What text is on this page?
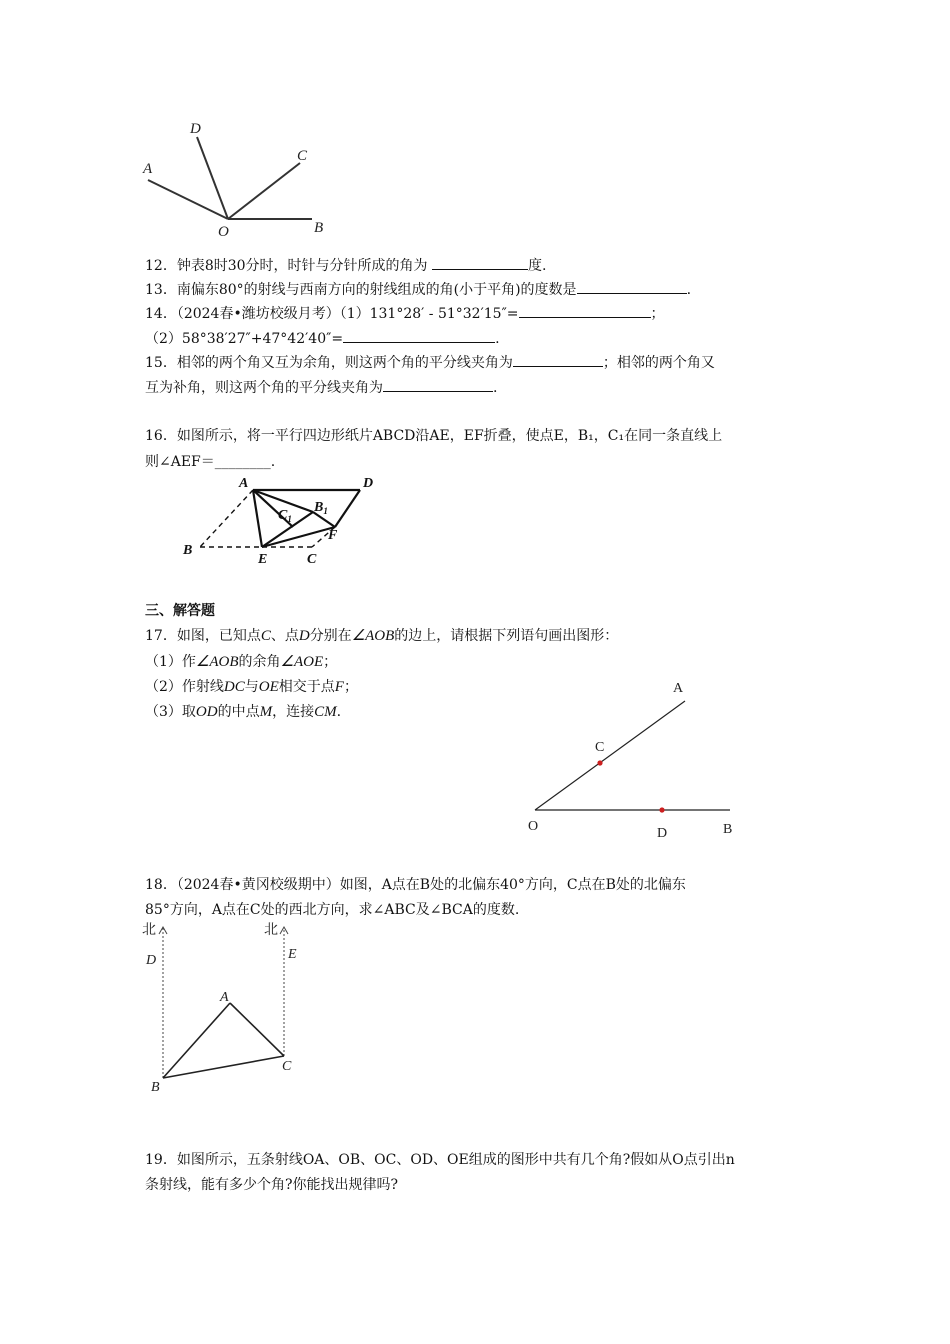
A
D
C
B
O
12．钟表8时30分时，时针与分针所成的角为	度.
13．南偏东80°的射线与西南方向的射线组成的角(小于平角)的度数是	.
14．（2024春•潍坊校级月考）（1）131°28′ - 51°32′15″=	；
（2）58°38′27″+47°42′40″=	.
15．相邻的两个角又互为余角，则这两个角的平分线夹角为	；相邻的两个角又
互为补角，则这两个角的平分线夹角为	.
16．如图所示，将一平行四边形纸片ABCD沿AE，EF折叠，使点E，B₁，C₁在同一条直线上
则∠AEF＝________.
A	D
B
E	C
F
$C_1$
$B_1$
三、解答题
17．如图，已知点C、点D分别在∠AOB的边上，请根据下列语句画出图形：
（1）作∠AOB的余角∠AOE；
（2）作射线DC与OE相交于点F；
（3）取OD的中点M，连接CM.
A
C
O	D	B
18．（2024春•黄冈校级期中）如图，A点在B处的北偏东40°方向，C点在B处的北偏东
85°方向，A点在C处的西北方向，求∠ABC及∠BCA的度数.
北	北
D	E
A
B
C
19．如图所示，五条射线OA、OB、OC、OD、OE组成的图形中共有几个角?假如从O点引出n
条射线，能有多少个角?你能找出规律吗?
